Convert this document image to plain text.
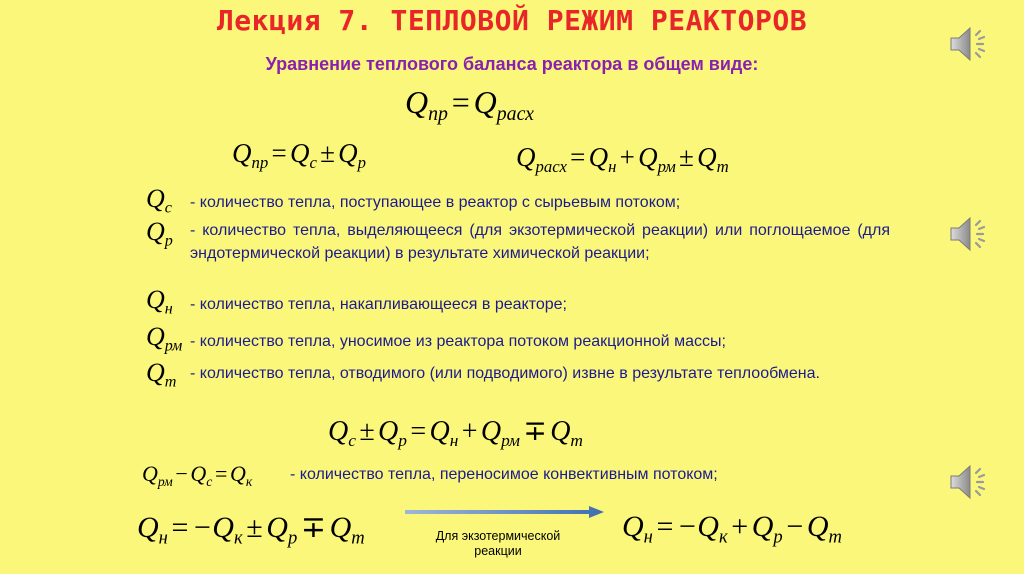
Лекция 7. ТЕПЛОВОЙ РЕЖИМ РЕАКТОРОВ
Уравнение теплового баланса реактора в общем виде:
$Q_{пр} = Q_{расх}$
$Q_{пр} = Q_с \pm Q_р$	$Q_{расх} = Q_н + Q_{рм} \pm Q_т$
$Q_с$ - количество тепла, поступающее в реактор с сырьевым потоком;
$Q_р$
- количество тепла, выделяющееся (для экзотермической реакции) или поглощаемое (для эндотермической реакции) в результате химической реакции;
$Q_н$ - количество тепла, накапливающееся в реакторе;
$Q_{рм}$ - количество тепла, уносимое из реактора потоком реакционной массы;
$Q_т$
- количество тепла, отводимого (или подводимого) извне в результате теплообмена.
$Q_с \pm Q_р = Q_н + Q_{рм} \mp Q_т$
$Q_{рм} - Q_с = Q_к$ - количество тепла, переносимое конвективным потоком;
$Q_н = -Q_к \pm Q_р \mp Q_т$	Для экзотермической
реакции
$Q_н = -Q_к + Q_р - Q_т$
